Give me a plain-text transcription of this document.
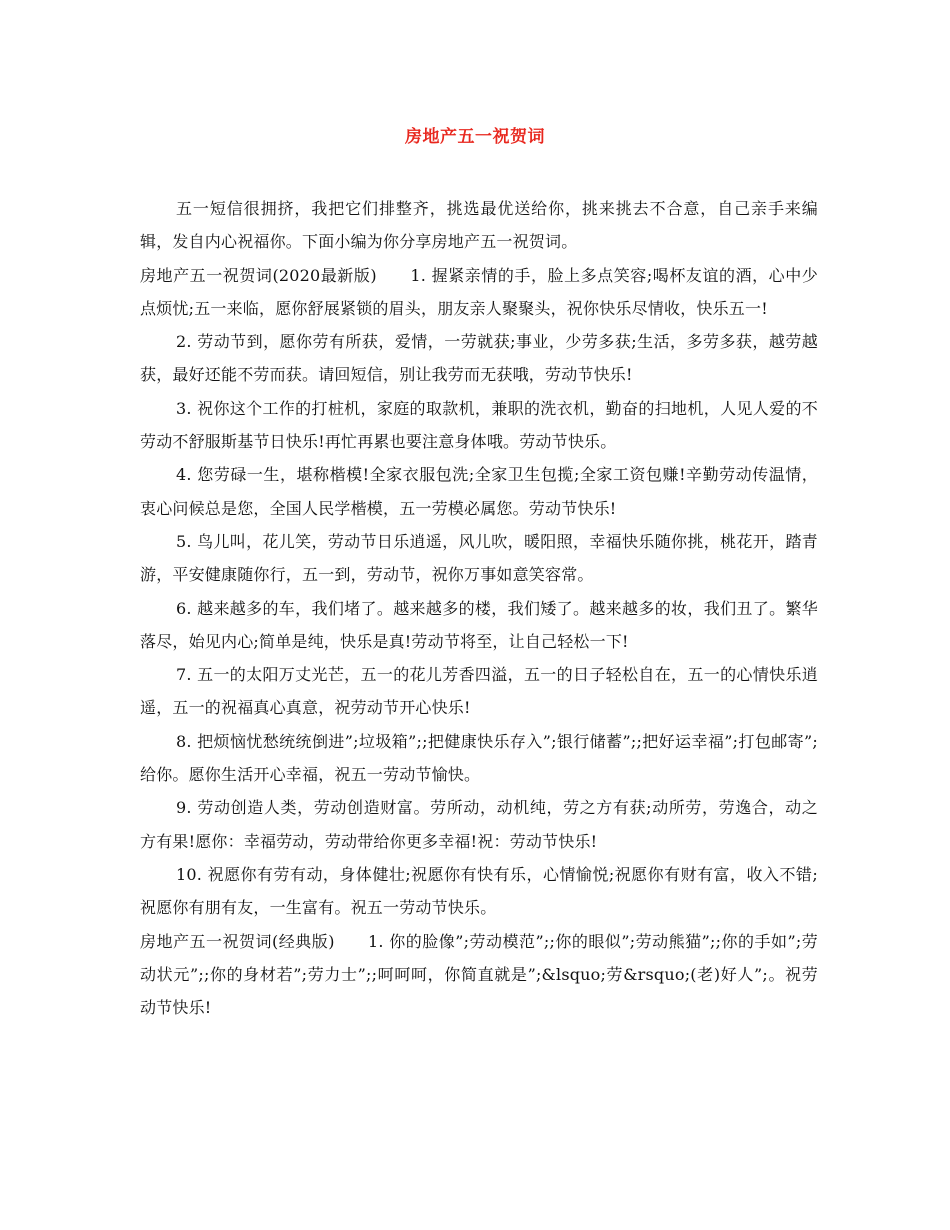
房地产五一祝贺词

五一短信很拥挤，我把它们排整齐，挑选最优送给你，挑来挑去不合意，自己亲手来编辑，发自内心祝福你。下面小编为你分享房地产五一祝贺词。

房地产五一祝贺词(2020最新版)　　1. 握紧亲情的手，脸上多点笑容;喝杯友谊的酒，心中少点烦忧;五一来临，愿你舒展紧锁的眉头，朋友亲人聚聚头，祝你快乐尽情收，快乐五一!

2. 劳动节到，愿你劳有所获，爱情，一劳就获;事业，少劳多获;生活，多劳多获，越劳越获，最好还能不劳而获。请回短信，别让我劳而无获哦，劳动节快乐!

3. 祝你这个工作的打桩机，家庭的取款机，兼职的洗衣机，勤奋的扫地机，人见人爱的不劳动不舒服斯基节日快乐!再忙再累也要注意身体哦。劳动节快乐。

4. 您劳碌一生，堪称楷模!全家衣服包洗;全家卫生包揽;全家工资包赚!辛勤劳动传温情，衷心问候总是您，全国人民学楷模，五一劳模必属您。劳动节快乐!

5. 鸟儿叫，花儿笑，劳动节日乐逍遥，风儿吹，暖阳照，幸福快乐随你挑，桃花开，踏青游，平安健康随你行，五一到，劳动节，祝你万事如意笑容常。

6. 越来越多的车，我们堵了。越来越多的楼，我们矮了。越来越多的妆，我们丑了。繁华落尽，始见内心;简单是纯，快乐是真!劳动节将至，让自己轻松一下!

7. 五一的太阳万丈光芒，五一的花儿芳香四溢，五一的日子轻松自在，五一的心情快乐逍遥，五一的祝福真心真意，祝劳动节开心快乐!

8. 把烦恼忧愁统统倒进”;垃圾箱”;;把健康快乐存入”;银行储蓄”;;把好运幸福”;打包邮寄”;给你。愿你生活开心幸福，祝五一劳动节愉快。

9. 劳动创造人类，劳动创造财富。劳所动，动机纯，劳之方有获;动所劳，劳逸合，动之方有果!愿你：幸福劳动，劳动带给你更多幸福!祝：劳动节快乐!

10. 祝愿你有劳有动，身体健壮;祝愿你有快有乐，心情愉悦;祝愿你有财有富，收入不错;祝愿你有朋有友，一生富有。祝五一劳动节快乐。

房地产五一祝贺词(经典版)　　1. 你的脸像”;劳动模范”;;你的眼似”;劳动熊猫”;;你的手如”;劳动状元”;;你的身材若”;劳力士”;;呵呵呵，你简直就是”;&lsquo;劳&rsquo;(老)好人”;。祝劳动节快乐!
